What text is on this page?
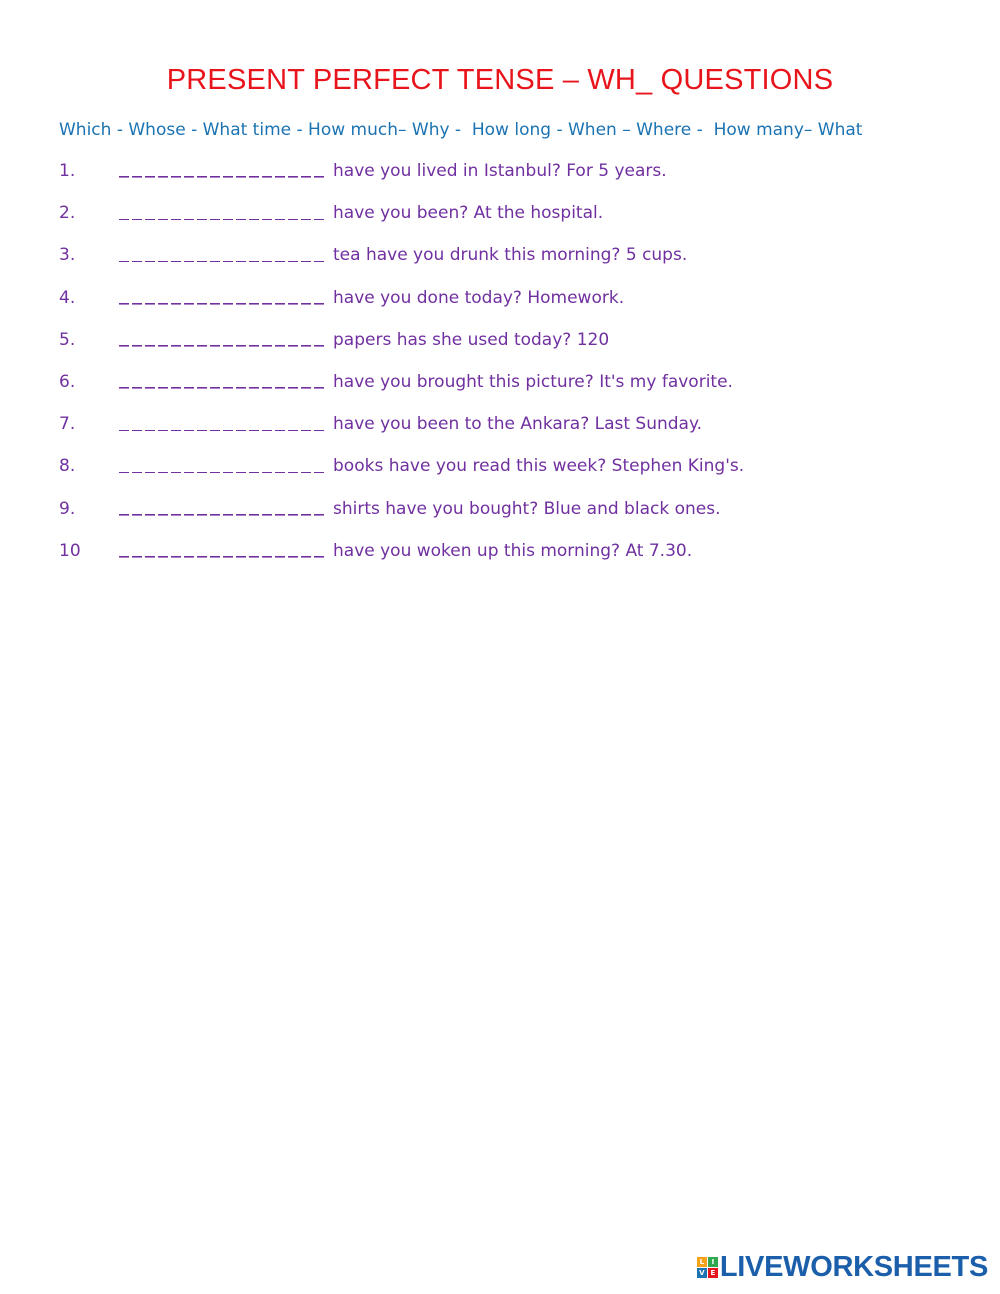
PRESENT PERFECT TENSE – WH_ QUESTIONS
Which - Whose - What time - How much– Why -  How long - When – Where -  How many– What
1.	have you lived in Istanbul? For 5 years.
2.	have you been? At the hospital.
3.	tea have you drunk this morning? 5 cups.
4.	have you done today? Homework.
5.	papers has she used today? 120
6.	have you brought this picture? It's my favorite.
7.	have you been to the Ankara? Last Sunday.
8.	books have you read this week? Stephen King's.
9.	shirts have you bought? Blue and black ones.
10	have you woken up this morning? At 7.30.
L	I
V E LIVEWORKSHEETS
